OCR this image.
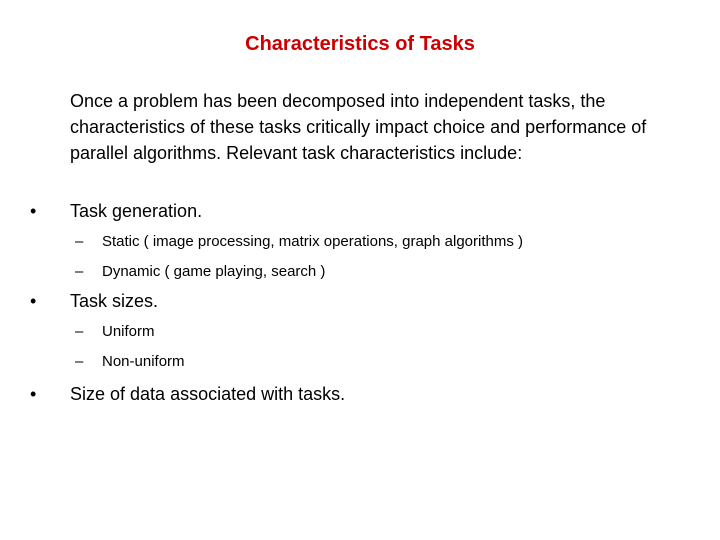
Characteristics of Tasks
Once a problem has been decomposed into independent tasks, the characteristics of these tasks critically impact choice and performance of parallel algorithms. Relevant task characteristics include:
• Task generation.
– Static ( image processing, matrix operations, graph algorithms )
– Dynamic ( game playing, search )
• Task sizes.
– Uniform
– Non-uniform
• Size of data associated with tasks.
